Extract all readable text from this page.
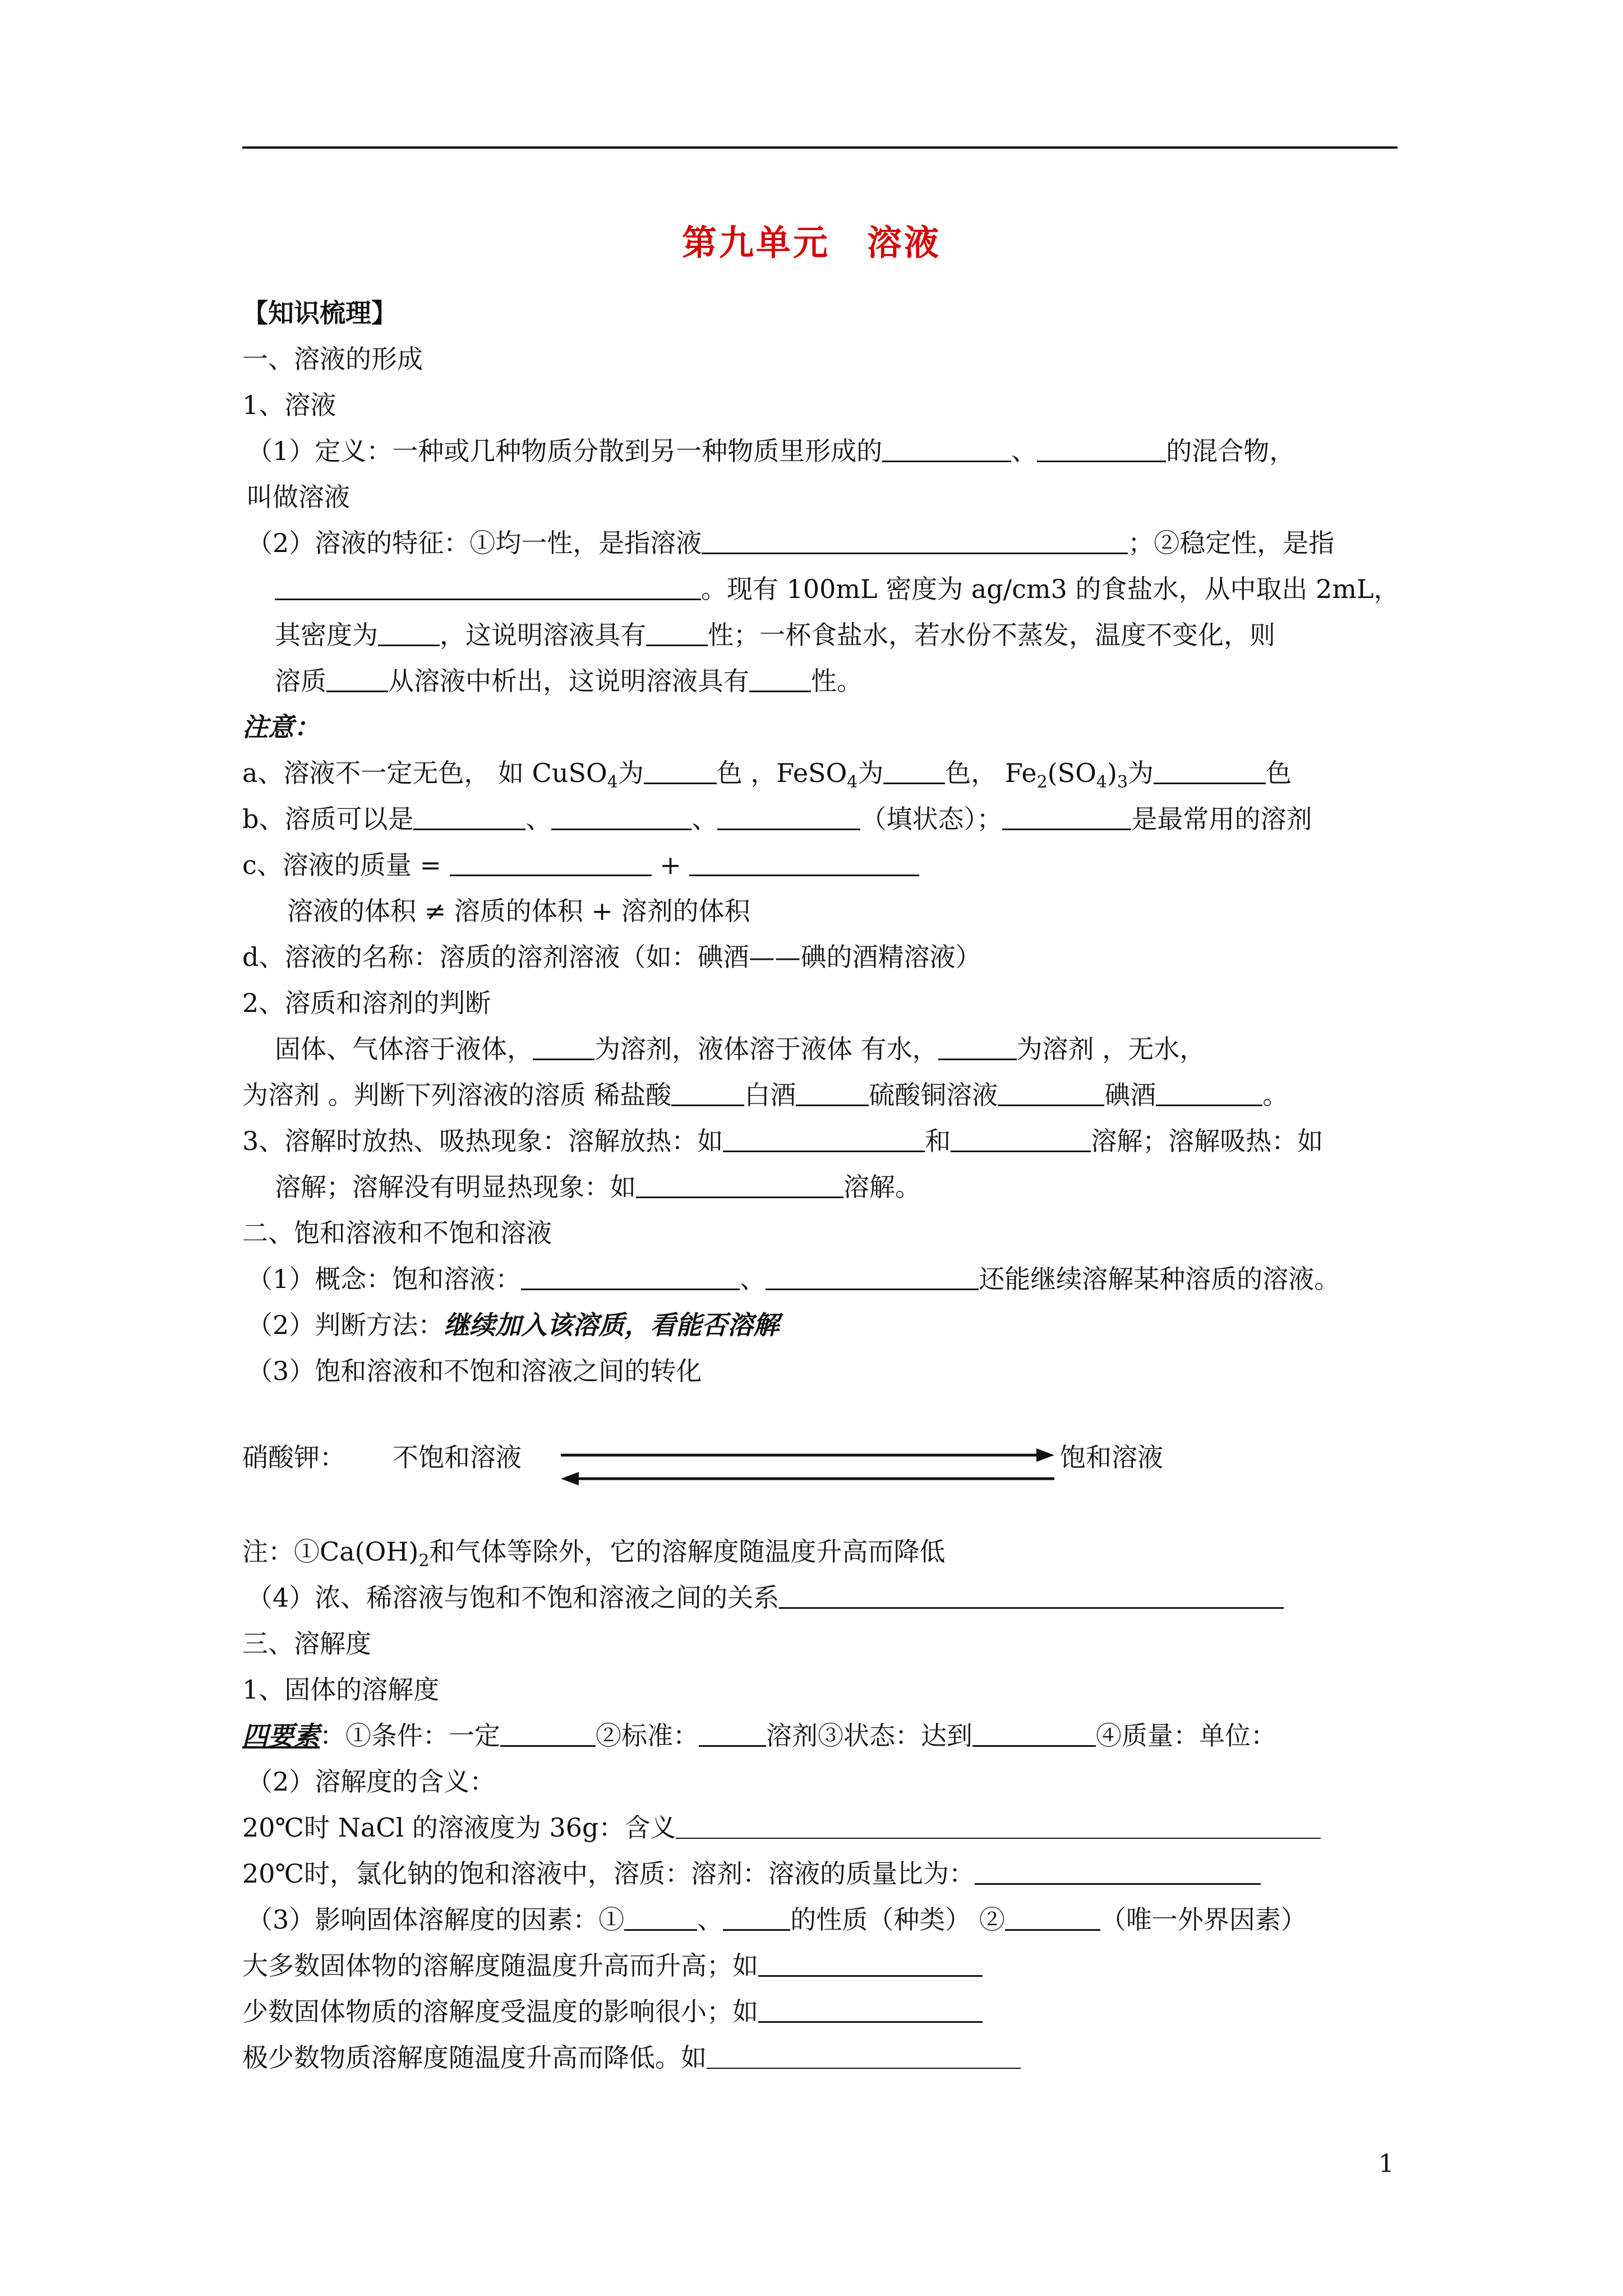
第九单元　溶液
【知识梳理】
一、溶液的形成
1、溶液
（1）定义：一种或几种物质分散到另一种物质里形成的	、	的混合物，
叫做溶液
（2）溶液的特征：①均一性，是指溶液	；②稳定性，是指
。现有 100mL 密度为 ag/cm3 的食盐水，从中取出 2mL，
其密度为 ，这说明溶液具有 性；一杯食盐水，若水份不蒸发，温度不变化，则
溶质 从溶液中析出，这说明溶液具有 性。
注意：
a、溶液不一定无色， 如 CuSO$_4$为	色 ，FeSO$_4$为 色， $Fe_2(SO_4)_3$为	色
b、溶质可以是	、	、	（填状态）；	是最常用的溶剂
c、溶液的质量 =	+
溶液的体积 ≠ 溶质的体积 + 溶剂的体积
d、溶液的名称：溶质的溶剂溶液（如：碘酒——碘的酒精溶液）
2、溶质和溶剂的判断
固体、气体溶于液体， 为溶剂，液体溶于液体 有水，	为溶剂 ，无水，
为溶剂 。判断下列溶液的溶质 稀盐酸	白酒	硫酸铜溶液	碘酒	。
3、溶解时放热、吸热现象：溶解放热：如	和	溶解；溶解吸热：如
溶解；溶解没有明显热现象：如	溶解。
二、饱和溶液和不饱和溶液
（1）概念：饱和溶液：	、	还能继续溶解某种溶质的溶液。
（2）判断方法：继续加入该溶质，看能否溶解
（3）饱和溶液和不饱和溶液之间的转化
硝酸钾： 不饱和溶液	饱和溶液
注：$①Ca(OH)_2$和气体等除外，它的溶解度随温度升高而降低
（4）浓、稀溶液与饱和不饱和溶液之间的关系
三、溶解度
1、固体的溶解度
四要素：①条件：一定	②标准：	溶剂③状态：达到	④质量：单位：
（2）溶解度的含义：
20℃时 NaCl 的溶液度为 36g：含义
20℃时，氯化钠的饱和溶液中，溶质：溶剂：溶液的质量比为：
（3）影响固体溶解度的因素：①	、	的性质（种类） ②	（唯一外界因素）
大多数固体物的溶解度随温度升高而升高；如
少数固体物质的溶解度受温度的影响很小；如
极少数物质溶解度随温度升高而降低。如
1
